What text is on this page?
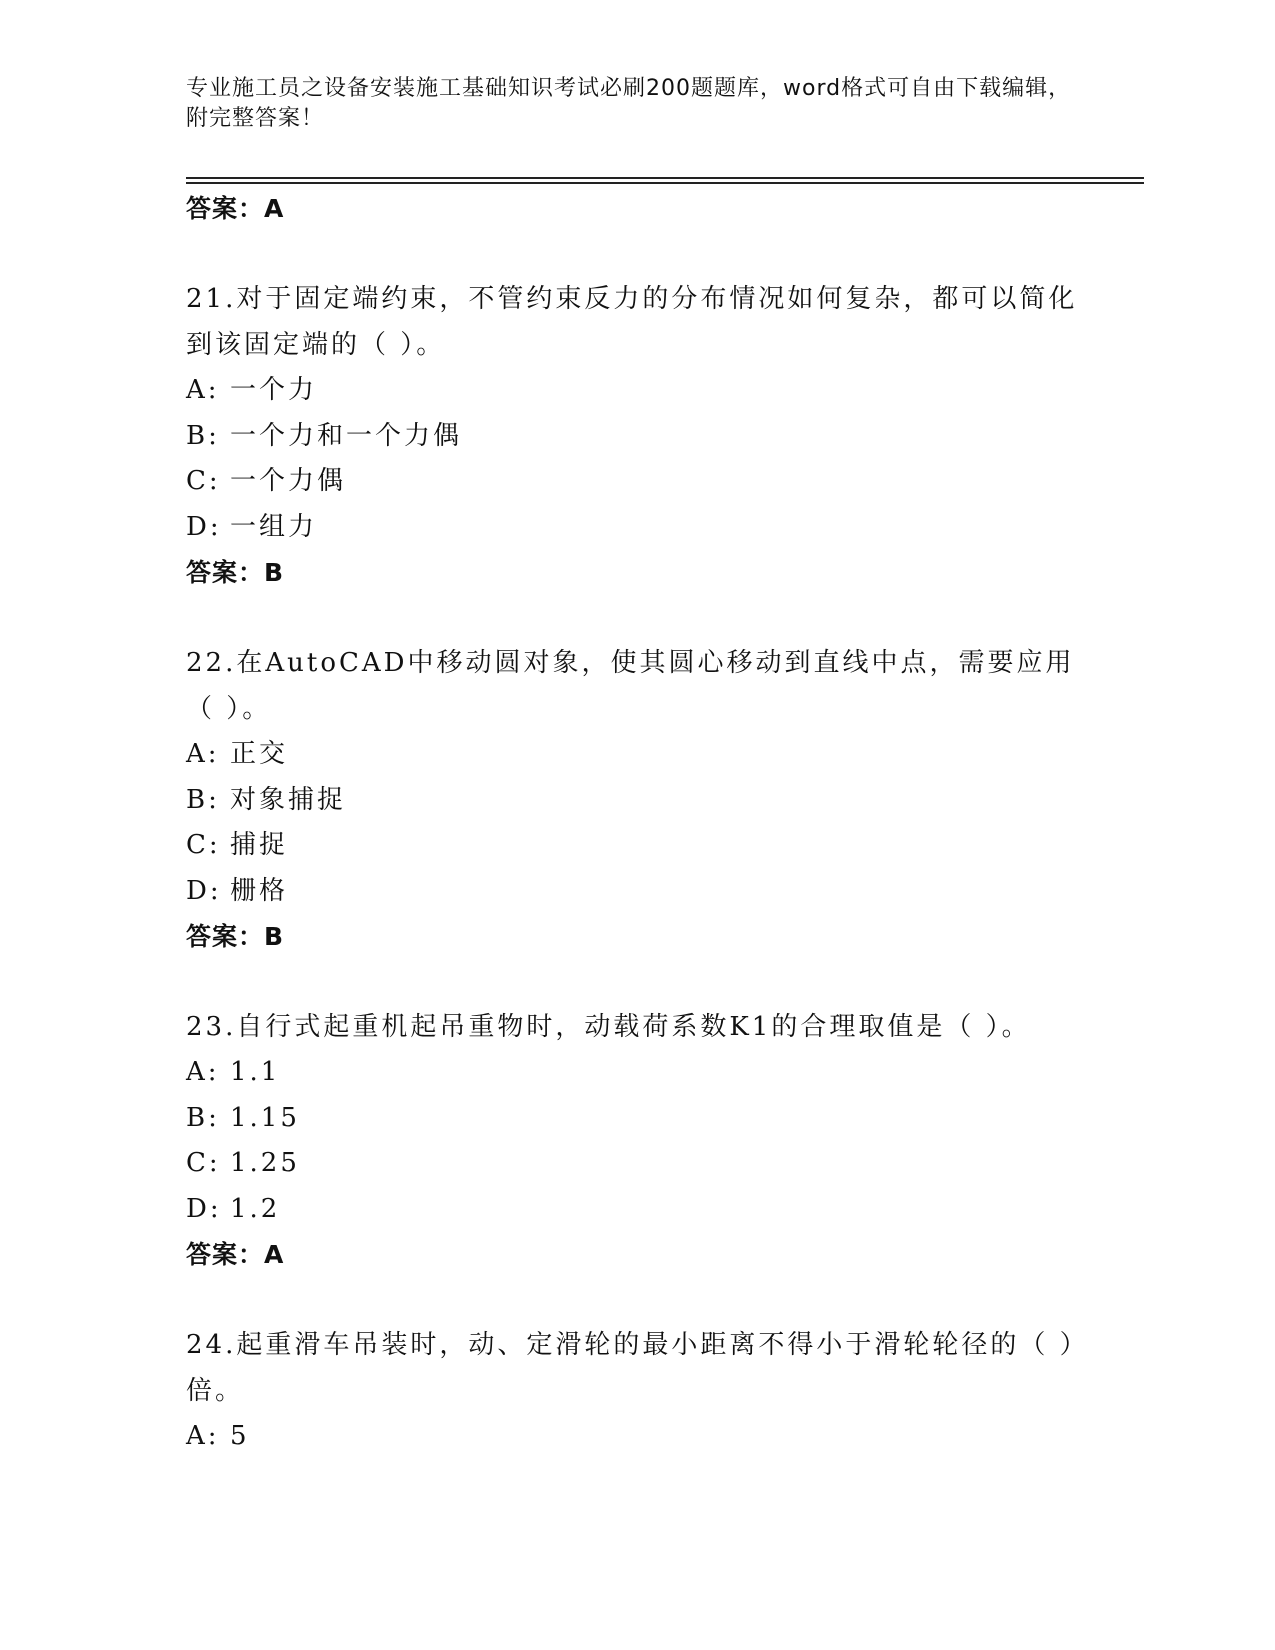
专业施工员之设备安装施工基础知识考试必刷200题题库，word格式可自由下载编辑，附完整答案！
答案：A
21.对于固定端约束，不管约束反力的分布情况如何复杂，都可以简化到该固定端的（ ）。
A: 一个力
B: 一个力和一个力偶
C: 一个力偶
D: 一组力
答案：B
22.在AutoCAD中移动圆对象，使其圆心移动到直线中点，需要应用（ ）。
A: 正交
B: 对象捕捉
C: 捕捉
D: 栅格
答案：B
23.自行式起重机起吊重物时，动载荷系数K1的合理取值是（ ）。
A: 1.1
B: 1.15
C: 1.25
D: 1.2
答案：A
24.起重滑车吊装时，动、定滑轮的最小距离不得小于滑轮轮径的（ ）倍。
A: 5
